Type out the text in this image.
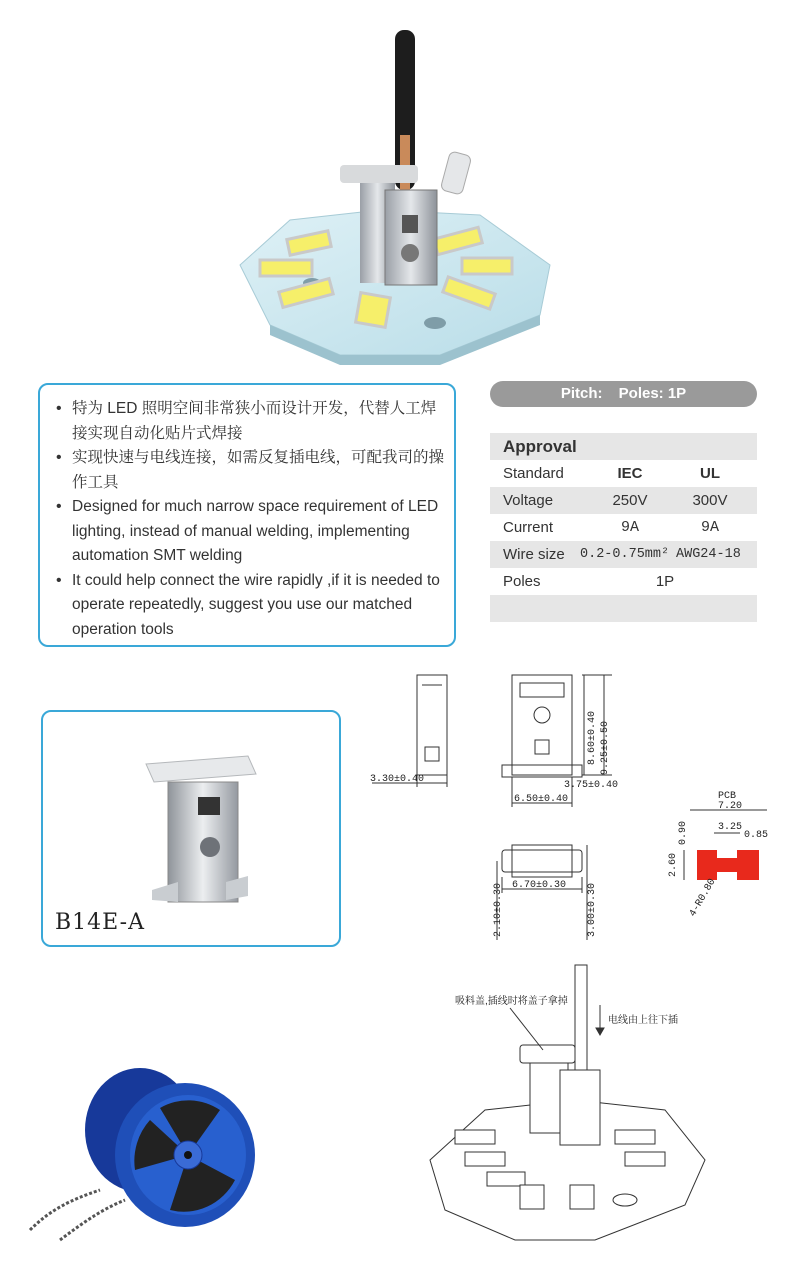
• 特为 LED 照明空间非常狭小而设计开发，代替人工焊接实现自动化贴片式焊接
• 实现快速与电线连接，如需反复插电线，可配我司的操作工具
• Designed for much narrow space requirement of LED lighting, instead of manual welding, implementing automation SMT welding
• It could help connect the wire rapidly ,if it is needed to operate repeatedly, suggest you use our matched operation tools
Pitch: Poles: 1P
Approval
Standard	IEC	UL
Voltage	250V	300V
Current	9A	9A
Wire size 0.2-0.75mm² AWG24-18
Poles	1P
B14E-A
3.30±0.40
8.60±0.40 9.25±0.50
3.75±0.40
6.50±0.40
6.70±0.30
2.10±0.30	3.00±0.30
PCB
7.20
3.25
0.85
0.90
2.60
4-R0.80
吸料盖,插线时将盖子拿掉
电线由上往下插
